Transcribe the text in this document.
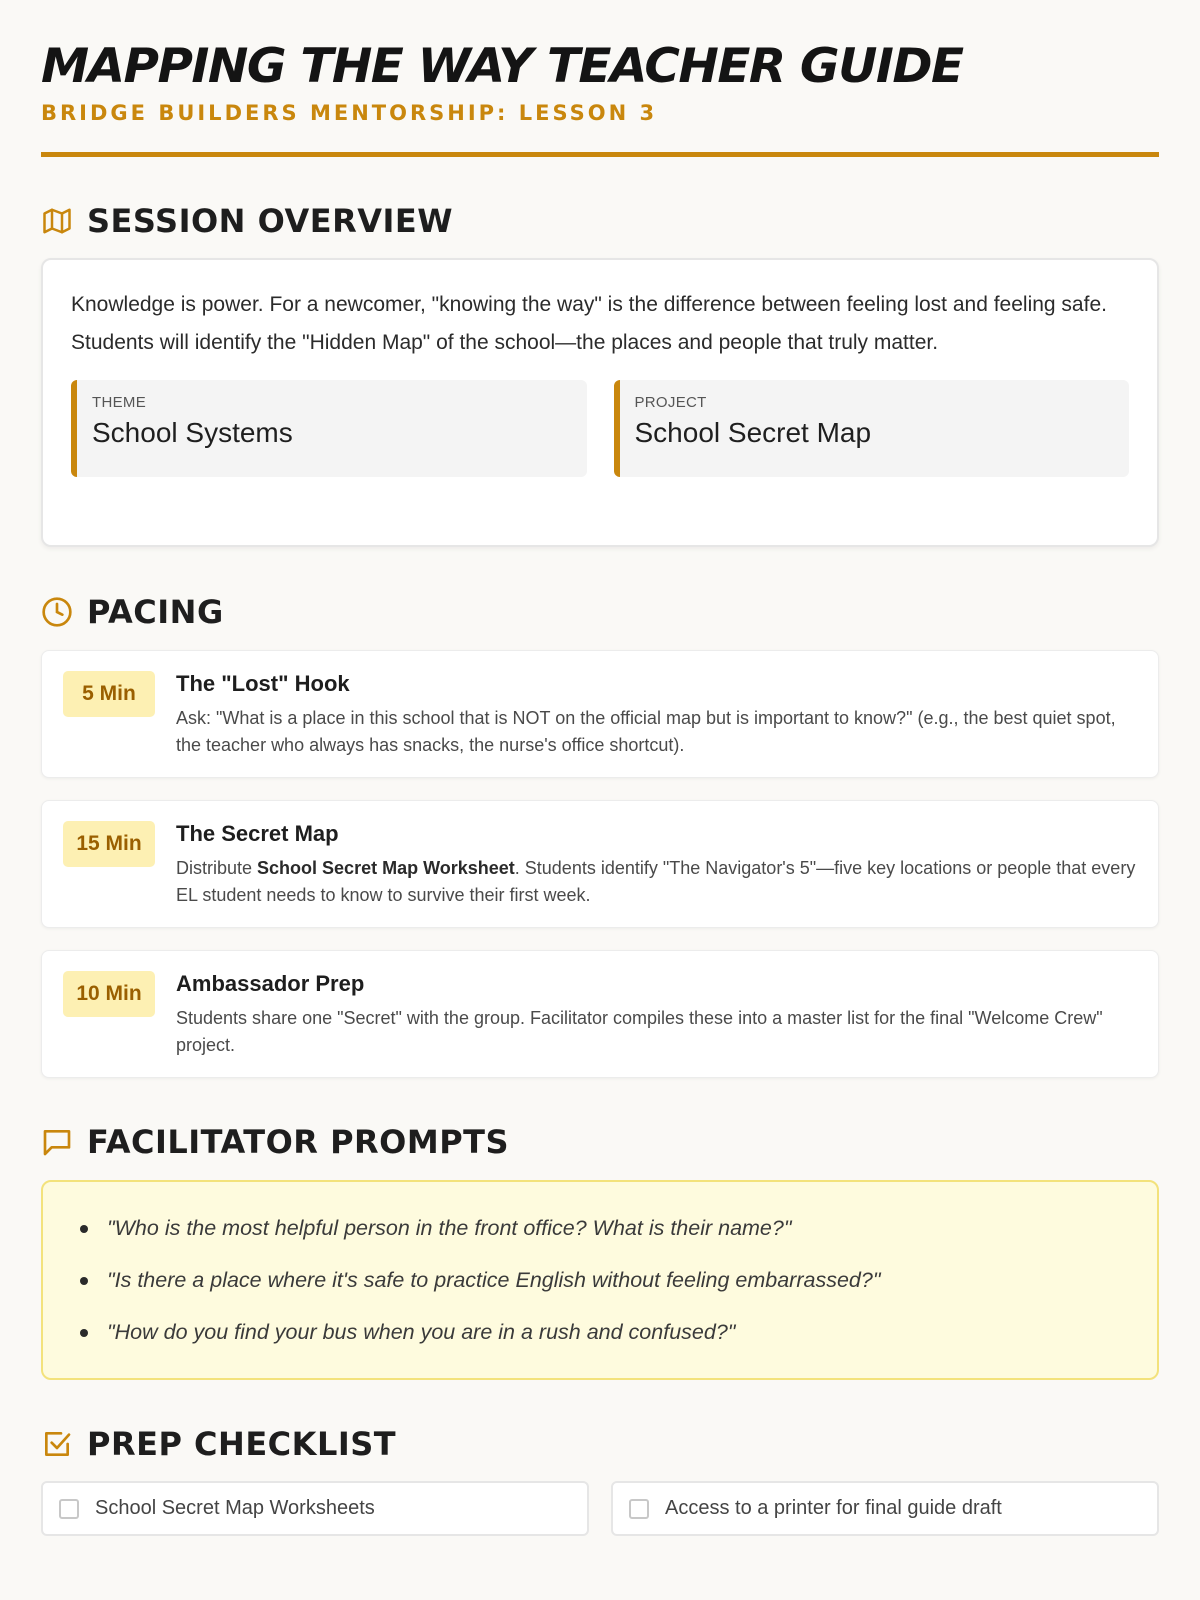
MAPPING THE WAY TEACHER GUIDE
BRIDGE BUILDERS MENTORSHIP: LESSON 3
SESSION OVERVIEW

Knowledge is power. For a newcomer, "knowing the way" is the difference between feeling lost and feeling safe. Students will identify the "Hidden Map" of the school—the places and people that truly matter.

THEME
School Systems
PROJECT
School Secret Map
PACING
5 Min	The "Lost" Hook
Ask: "What is a place in this school that is NOT on the official map but is important to know?" (e.g., the best quiet spot, the teacher who always has snacks, the nurse's office shortcut).
15 Min	The Secret Map
Distribute School Secret Map Worksheet. Students identify "The Navigator's 5"—five key locations or people that every EL student needs to know to survive their first week.
10 Min	Ambassador Prep
Students share one "Secret" with the group. Facilitator compiles these into a master list for the final "Welcome Crew" project.
FACILITATOR PROMPTS
"Who is the most helpful person in the front office? What is their name?"
"Is there a place where it's safe to practice English without feeling embarrassed?"
"How do you find your bus when you are in a rush and confused?"
PREP CHECKLIST
School Secret Map Worksheets	Access to a printer for final guide draft
